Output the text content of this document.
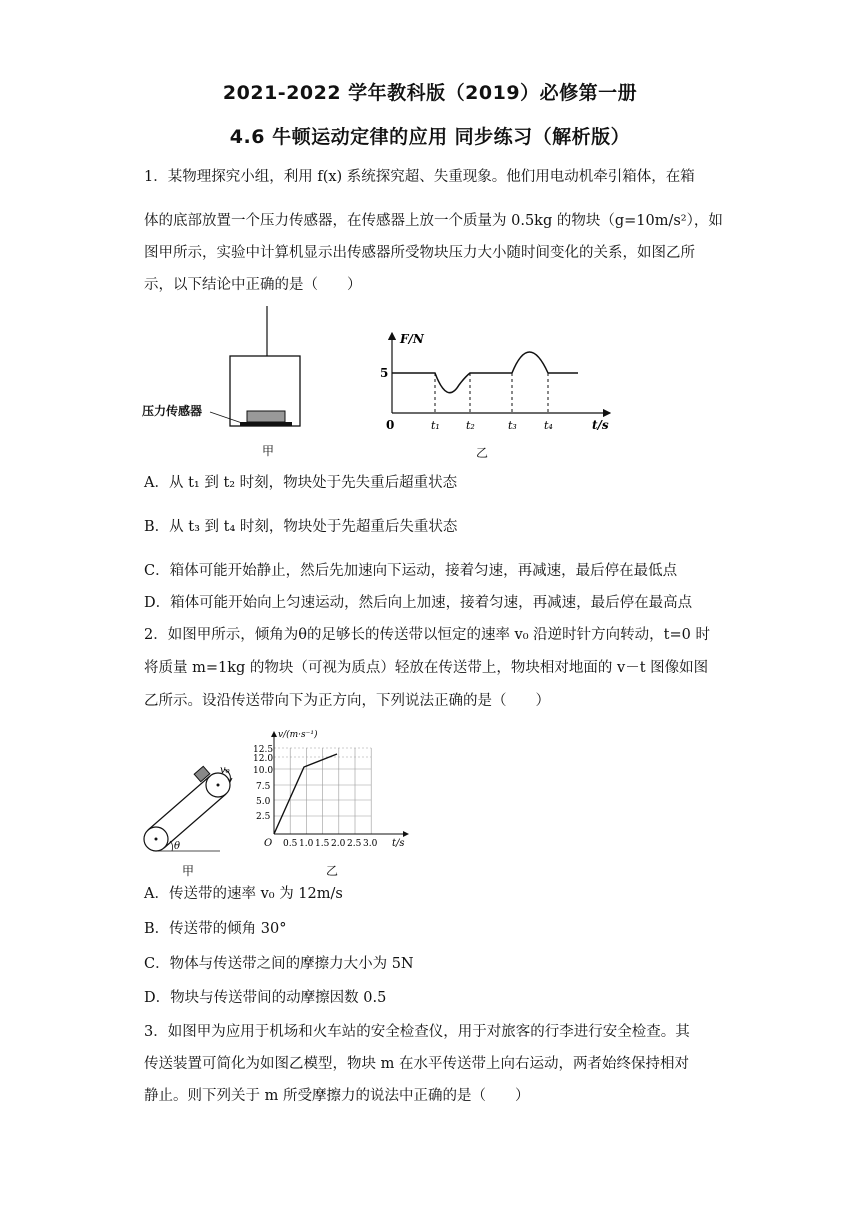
2021-2022 学年教科版（2019）必修第一册
4.6 牛顿运动定律的应用 同步练习（解析版）
1．某物理探究小组，利用 f(x) 系统探究超、失重现象。他们用电动机牵引箱体，在箱
体的底部放置一个压力传感器，在传感器上放一个质量为 0.5kg 的物块（g=10m/s²），如
图甲所示，实验中计算机显示出传感器所受物块压力大小随时间变化的关系，如图乙所
示，以下结论中正确的是（　　）
压力传感器
甲
F/N
5
0	t₁ t₂	t₃ t₄	t/s
乙
A．从 t₁ 到 t₂ 时刻，物块处于先失重后超重状态
B．从 t₃ 到 t₄ 时刻，物块处于先超重后失重状态
C．箱体可能开始静止，然后先加速向下运动，接着匀速，再减速，最后停在最低点
D．箱体可能开始向上匀速运动，然后向上加速，接着匀速，再减速，最后停在最高点
2．如图甲所示，倾角为θ的足够长的传送带以恒定的速率 v₀ 沿逆时针方向转动，t=0 时
将质量 m=1kg 的物块（可视为质点）轻放在传送带上，物块相对地面的 v－t 图像如图
乙所示。设沿传送带向下为正方向，下列说法正确的是（　　）
v₀
θ
甲
v/(m·s⁻¹)
12.5
12.0
10.0
7.5
5.0
2.5
O 0.5 1.0 1.5 2.0 2.5 3.0 t/s
乙
A．传送带的速率 v₀ 为 12m/s
B．传送带的倾角 30°
C．物体与传送带之间的摩擦力大小为 5N
D．物块与传送带间的动摩擦因数 0.5
3．如图甲为应用于机场和火车站的安全检查仪，用于对旅客的行李进行安全检查。其
传送装置可简化为如图乙模型，物块 m 在水平传送带上向右运动，两者始终保持相对
静止。则下列关于 m 所受摩擦力的说法中正确的是（　　）
